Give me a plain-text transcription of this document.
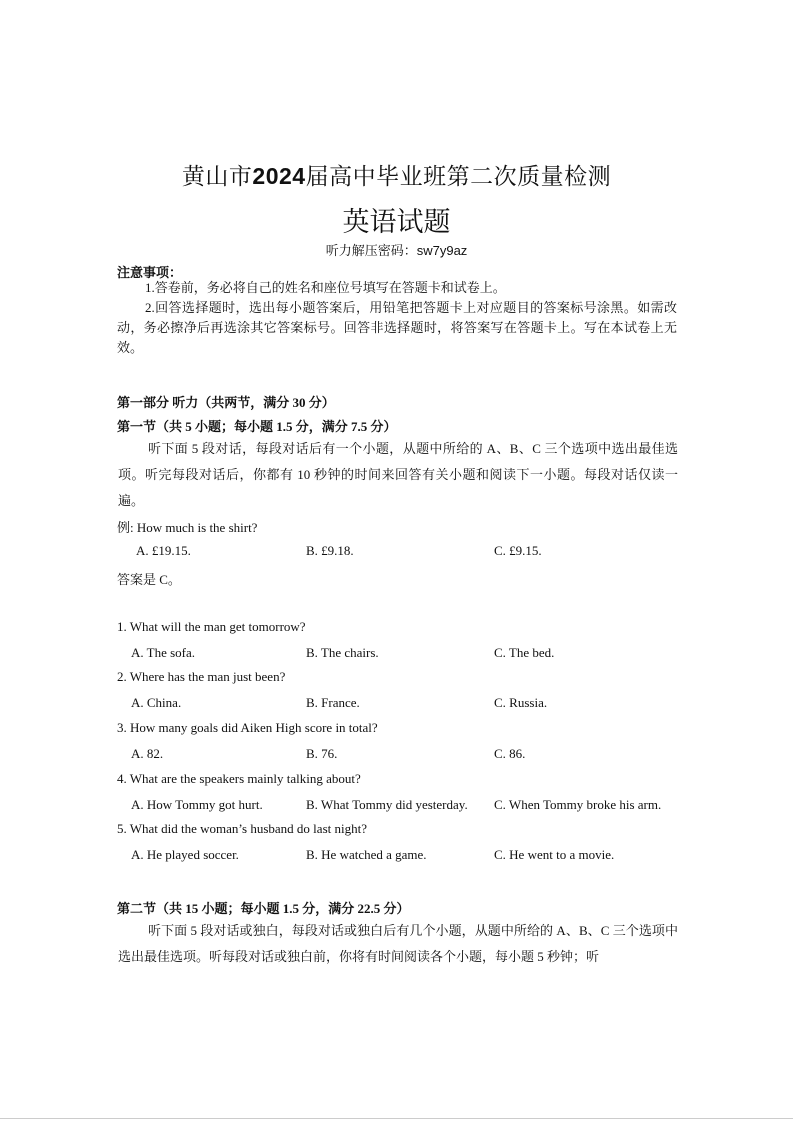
黄山市2024届高中毕业班第二次质量检测
英语试题
听力解压密码：sw7y9az
注意事项：
1.答卷前，务必将自己的姓名和座位号填写在答题卡和试卷上。
2.回答选择题时，选出每小题答案后，用铅笔把答题卡上对应题目的答案标号涂黑。如需改动，务必擦净后再选涂其它答案标号。回答非选择题时，将答案写在答题卡上。写在本试卷上无效。
第一部分 听力（共两节，满分 30 分）
第一节（共 5 小题；每小题 1.5 分，满分 7.5 分）
听下面 5 段对话，每段对话后有一个小题，从题中所给的 A、B、C 三个选项中选出最佳选项。听完每段对话后，你都有 10 秒钟的时间来回答有关小题和阅读下一小题。每段对话仅读一遍。
例: How much is the shirt?
A. £19.15.	B. £9.18.	C. £9.15.
答案是 C。
1. What will the man get tomorrow?
A. The sofa.	B. The chairs.	C. The bed.
2. Where has the man just been?
A. China.	B. France.	C. Russia.
3. How many goals did Aiken High score in total?
A. 82.	B. 76.	C. 86.
4. What are the speakers mainly talking about?
A. How Tommy got hurt.	B. What Tommy did yesterday. C. When Tommy broke his arm.
5. What did the woman’s husband do last night?
A. He played soccer.	B. He watched a game.	C. He went to a movie.
第二节（共 15 小题；每小题 1.5 分，满分 22.5 分）
听下面 5 段对话或独白，每段对话或独白后有几个小题，从题中所给的 A、B、C 三个选项中选出最佳选项。听每段对话或独白前，你将有时间阅读各个小题，每小题 5 秒钟；听
